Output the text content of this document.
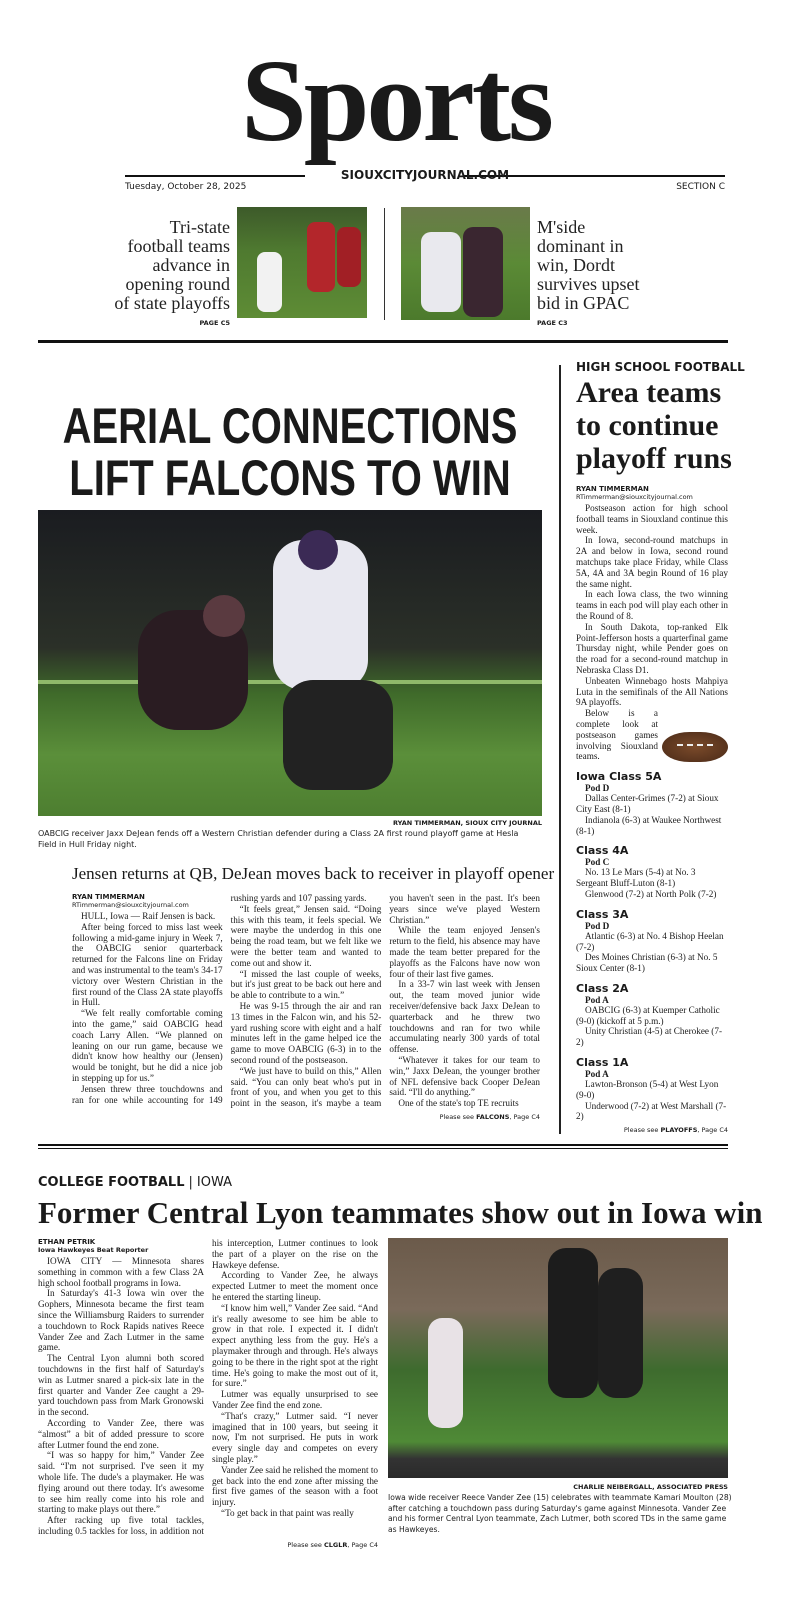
Sports
SIOUXCITYJOURNAL.COM
Tuesday, October 28, 2025	SECTION C
Tri-state football teams advance in opening round of state playoffs
PAGE C5
M'side dominant in win, Dordt survives upset bid in GPAC
PAGE C3
AERIAL CONNECTIONS
LIFT FALCONS TO WIN
RYAN TIMMERMAN, SIOUX CITY JOURNAL
OABCIG receiver Jaxx DeJean fends off a Western Christian defender during a Class 2A first round playoff game at Hesla Field in Hull Friday night.
Jensen returns at QB, DeJean moves back to receiver in playoff opener
RYAN TIMMERMAN
RTimmerman@siouxcityjournal.com

HULL, Iowa — Raif Jensen is back.

After being forced to miss last week following a mid-game injury in Week 7, the OABCIG senior quarterback returned for the Falcons line on Friday and was instrumental to the team's 34-17 victory over Western Christian in the first round of the Class 2A state playoffs in Hull.

“We felt really comfortable coming into the game,” said OABCIG head coach Larry Allen. “We planned on leaning on our run game, because we didn't know how healthy our (Jensen) would be tonight, but he did a nice job in stepping up for us.”

Jensen threw three touchdowns and ran for one while accounting for 149 rushing yards and 107 passing yards.

“It feels great,” Jensen said. “Doing this with this team, it feels special. We were maybe the underdog in this one being the road team, but we felt like we were the better team and wanted to come out and show it.

“I missed the last couple of weeks, but it's just great to be back out here and be able to contribute to a win.”

He was 9-15 through the air and ran 13 times in the Falcon win, and his 52-yard rushing score with eight and a half minutes left in the game helped ice the game to move OABCIG (6-3) in to the second round of the postseason.

“We just have to build on this,” Allen said. “You can only beat who's put in front of you, and when you get to this point in the season, it's maybe a team you haven't seen in the past. It's been years since we've played Western Christian.”

While the team enjoyed Jensen's return to the field, his absence may have made the team better prepared for the playoffs as the Falcons have now won four of their last five games.

In a 33-7 win last week with Jensen out, the team moved junior wide receiver/defensive back Jaxx DeJean to quarterback and he threw two touchdowns and ran for two while accumulating nearly 300 yards of total offense.

“Whatever it takes for our team to win,” Jaxx DeJean, the younger brother of NFL defensive back Cooper DeJean said. “I'll do anything.”

One of the state's top TE recruits

Please see FALCONS, Page C4
HIGH SCHOOL FOOTBALL
Area teams to continue playoff runs
RYAN TIMMERMAN
RTimmerman@siouxcityjournal.com

Postseason action for high school football teams in Siouxland continue this week.

In Iowa, second-round matchups in 2A and below in Iowa, second round matchups take place Friday, while Class 5A, 4A and 3A begin Round of 16 play the same night.

In each Iowa class, the two winning teams in each pod will play each other in the Round of 8.

In South Dakota, top-ranked Elk Point-Jefferson hosts a quarterfinal game Thursday night, while Pender goes on the road for a second-round matchup in Nebraska Class D1.

Unbeaten Winnebago hosts Mahpiya Luta in the semifinals of the All Nations 9A playoffs.

Below is a complete look at postseason games involving Siouxland teams.

Iowa Class 5A
Pod D

Dallas Center-Grimes (7-2) at Sioux City East (8-1)

Indianola (6-3) at Waukee Northwest (8-1)

Class 4A
Pod C

No. 13 Le Mars (5-4) at No. 3 Sergeant Bluff-Luton (8-1)

Glenwood (7-2) at North Polk (7-2)

Class 3A
Pod D

Atlantic (6-3) at No. 4 Bishop Heelan (7-2)

Des Moines Christian (6-3) at No. 5 Sioux Center (8-1)

Class 2A
Pod A

OABCIG (6-3) at Kuemper Catholic (9-0) (kickoff at 5 p.m.)

Unity Christian (4-5) at Cherokee (7-2)

Class 1A
Pod A

Lawton-Bronson (5-4) at West Lyon (9-0)

Underwood (7-2) at West Marshall (7-2)

Please see PLAYOFFS, Page C4
COLLEGE FOOTBALL | IOWA
Former Central Lyon teammates show out in Iowa win
ETHAN PETRIK
Iowa Hawkeyes Beat Reporter

IOWA CITY — Minnesota shares something in common with a few Class 2A high school football programs in Iowa.

In Saturday's 41-3 Iowa win over the Gophers, Minnesota became the first team since the Williamsburg Raiders to surrender a touchdown to Rock Rapids natives Reece Vander Zee and Zach Lutmer in the same game.

The Central Lyon alumni both scored touchdowns in the first half of Saturday's win as Lutmer snared a pick-six late in the first quarter and Vander Zee caught a 29-yard touchdown pass from Mark Gronowski in the second.

According to Vander Zee, there was “almost” a bit of added pressure to score after Lutmer found the end zone.

“I was so happy for him,” Vander Zee said. “I'm not surprised. I've seen it my whole life. The dude's a playmaker. He was flying around out there today. It's awesome to see him really come into his role and starting to make plays out there.”

After racking up five total tackles, including 0.5 tackles for loss, in addition not his interception, Lutmer continues to look the part of a player on the rise on the Hawkeye defense.

According to Vander Zee, he always expected Lutmer to meet the moment once he entered the starting lineup.

“I know him well,” Vander Zee said. “And it's really awesome to see him be able to grow in that role. I expected it. I didn't expect anything less from the guy. He's a playmaker through and through. He's always going to be there in the right spot at the right time. He's going to make the most out of it, for sure.”

Lutmer was equally unsurprised to see Vander Zee find the end zone.

“That's crazy,” Lutmer said. “I never imagined that in 100 years, but seeing it now, I'm not surprised. He puts in work every single day and competes on every single play.”

Vander Zee said he relished the moment to get back into the end zone after missing the first five games of the season with a foot injury.

“To get back in that paint was really

Please see CLGLR, Page C4
CHARLIE NEIBERGALL, ASSOCIATED PRESS
Iowa wide receiver Reece Vander Zee (15) celebrates with teammate Kamari Moulton (28) after catching a touchdown pass during Saturday's game against Minnesota. Vander Zee and his former Central Lyon teammate, Zach Lutmer, both scored TDs in the same game as Hawkeyes.
